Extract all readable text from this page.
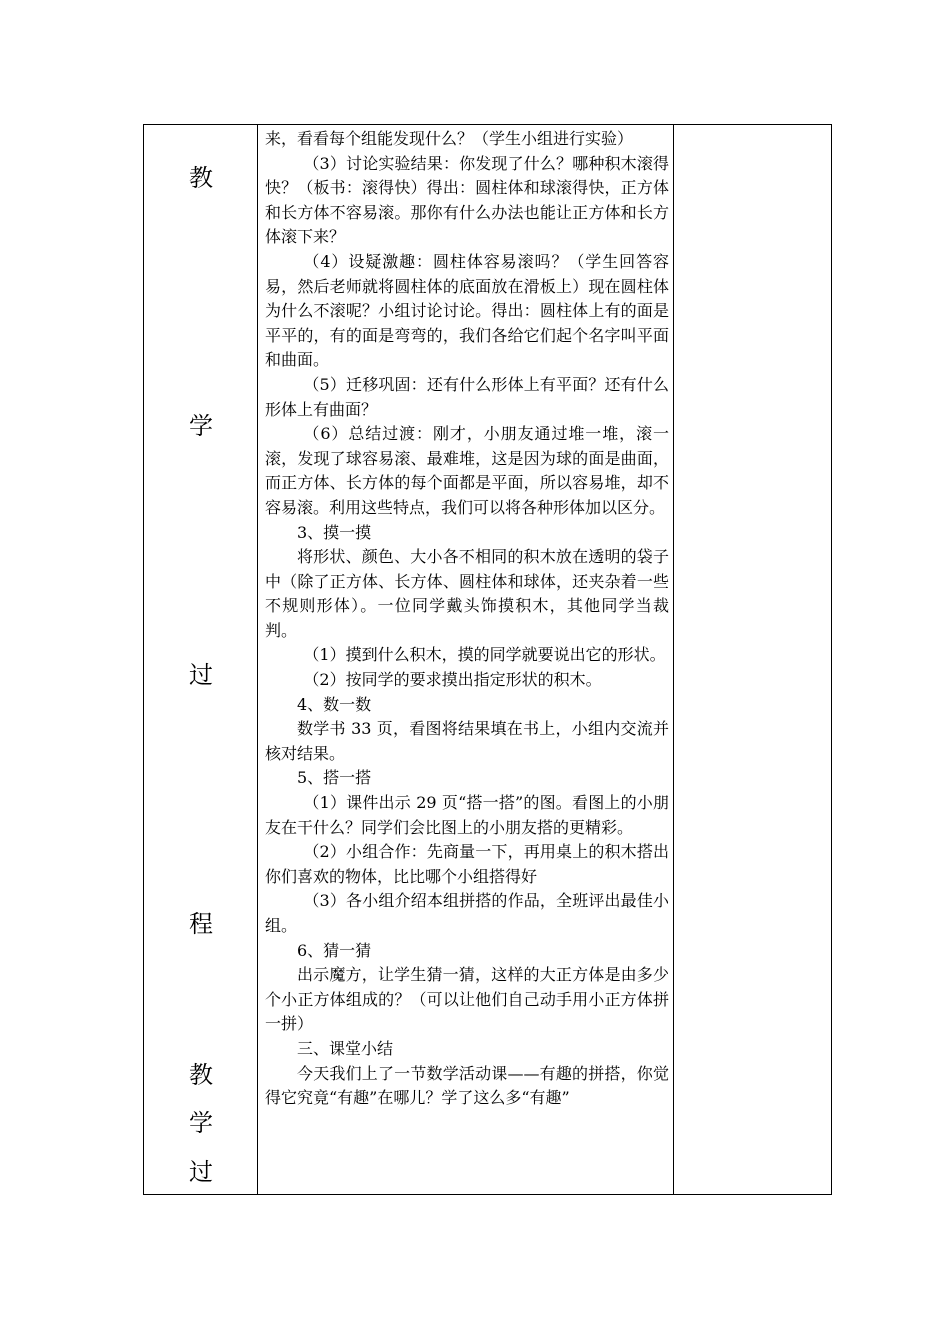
教
学
过
程
教
学
过

来，看看每个组能发现什么？（学生小组进行实验）

（3）讨论实验结果：你发现了什么？哪种积木滚得快？（板书：滚得快）得出：圆柱体和球滚得快，正方体和长方体不容易滚。那你有什么办法也能让正方体和长方体滚下来？

（4）设疑激趣：圆柱体容易滚吗？（学生回答容易，然后老师就将圆柱体的底面放在滑板上）现在圆柱体为什么不滚呢？小组讨论讨论。得出：圆柱体上有的面是平平的，有的面是弯弯的，我们各给它们起个名字叫平面和曲面。

（5）迁移巩固：还有什么形体上有平面？还有什么形体上有曲面？

（6）总结过渡：刚才，小朋友通过堆一堆，滚一滚，发现了球容易滚、最难堆，这是因为球的面是曲面， 而正方体、长方体的每个面都是平面，所以容易堆，却不容易滚。利用这些特点，我们可以将各种形体加以区分。

3、摸一摸

将形状、颜色、大小各不相同的积木放在透明的袋子中（除了正方体、长方体、圆柱体和球体，还夹杂着一些不规则形体）。一位同学戴头饰摸积木，其他同学当裁判。

（1）摸到什么积木，摸的同学就要说出它的形状。

（2）按同学的要求摸出指定形状的积木。

4、数一数

数学书 33 页，看图将结果填在书上，小组内交流并核对结果。

5、搭一搭

（1）课件出示 29 页“搭一搭”的图。看图上的小朋友在干什么？同学们会比图上的小朋友搭的更精彩。

（2）小组合作：先商量一下，再用桌上的积木搭出你们喜欢的物体，比比哪个小组搭得好

（3）各小组介绍本组拼搭的作品，全班评出最佳小组。

6、猜一猜

出示魔方，让学生猜一猜，这样的大正方体是由多少个小正方体组成的？（可以让他们自己动手用小正方体拼一拼）

三、课堂小结

今天我们上了一节数学活动课——有趣的拼搭，你觉得它究竟“有趣”在哪儿？学了这么多“有趣”
